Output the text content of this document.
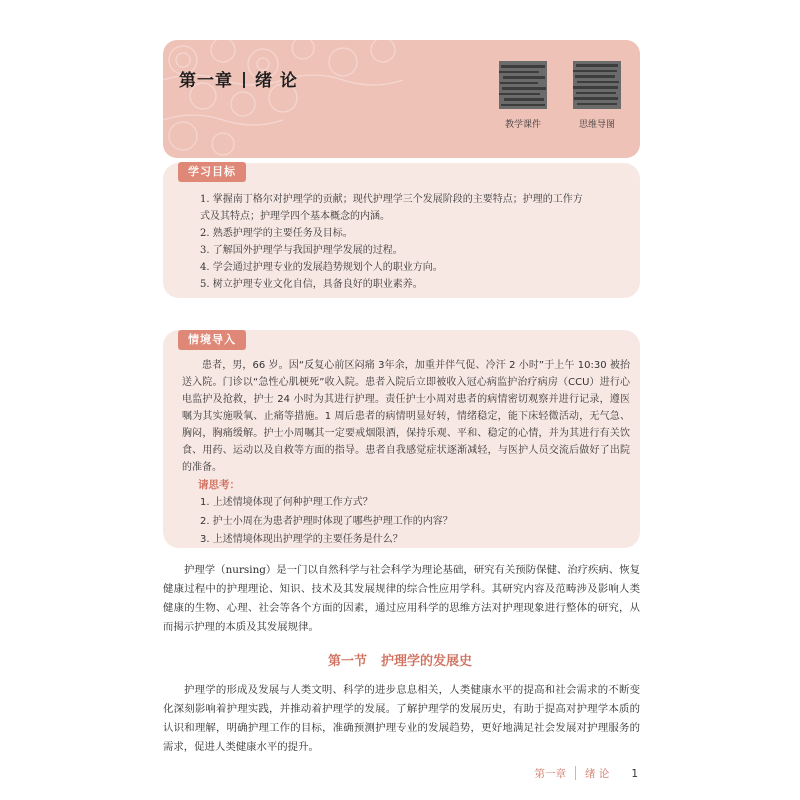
第一章 绪 论
教学课件	思维导图
学习目标
1. 掌握南丁格尔对护理学的贡献；现代护理学三个发展阶段的主要特点；护理的工作方
式及其特点；护理学四个基本概念的内涵。
2. 熟悉护理学的主要任务及目标。
3. 了解国外护理学与我国护理学发展的过程。
4. 学会通过护理专业的发展趋势规划个人的职业方向。
5. 树立护理专业文化自信，具备良好的职业素养。
情境导入
患者，男，66 岁。因“反复心前区闷痛 3年余，加重并伴气促、冷汗 2 小时”于上午 10:30 被抬送入院。门诊以“急性心肌梗死”收入院。患者入院后立即被收入冠心病监护治疗病房（CCU）进行心电监护及抢救，护士 24 小时为其进行护理。责任护士小周对患者的病情密切观察并进行记录，遵医嘱为其实施吸氧、止痛等措施。1 周后患者的病情明显好转，情绪稳定，能下床轻微活动，无气急、胸闷，胸痛缓解。护士小周嘱其一定要戒烟限酒，保持乐观、平和、稳定的心情，并为其进行有关饮食、用药、运动以及自救等方面的指导。患者自我感觉症状逐渐减轻，与医护人员交流后做好了出院的准备。
请思考：
1. 上述情境体现了何种护理工作方式？
2. 护士小周在为患者护理时体现了哪些护理工作的内容？
3. 上述情境体现出护理学的主要任务是什么？
护理学（nursing）是一门以自然科学与社会科学为理论基础，研究有关预防保健、治疗疾病、恢复健康过程中的护理理论、知识、技术及其发展规律的综合性应用学科。其研究内容及范畴涉及影响人类健康的生物、心理、社会等各个方面的因素，通过应用科学的思维方法对护理现象进行整体的研究，从而揭示护理的本质及其发展规律。
第一节 护理学的发展史
护理学的形成及发展与人类文明、科学的进步息息相关，人类健康水平的提高和社会需求的不断变化深刻影响着护理实践，并推动着护理学的发展。了解护理学的发展历史，有助于提高对护理学本质的认识和理解，明确护理工作的目标，准确预测护理专业的发展趋势，更好地满足社会发展对护理服务的需求，促进人类健康水平的提升。
第一章 绪 论 1
